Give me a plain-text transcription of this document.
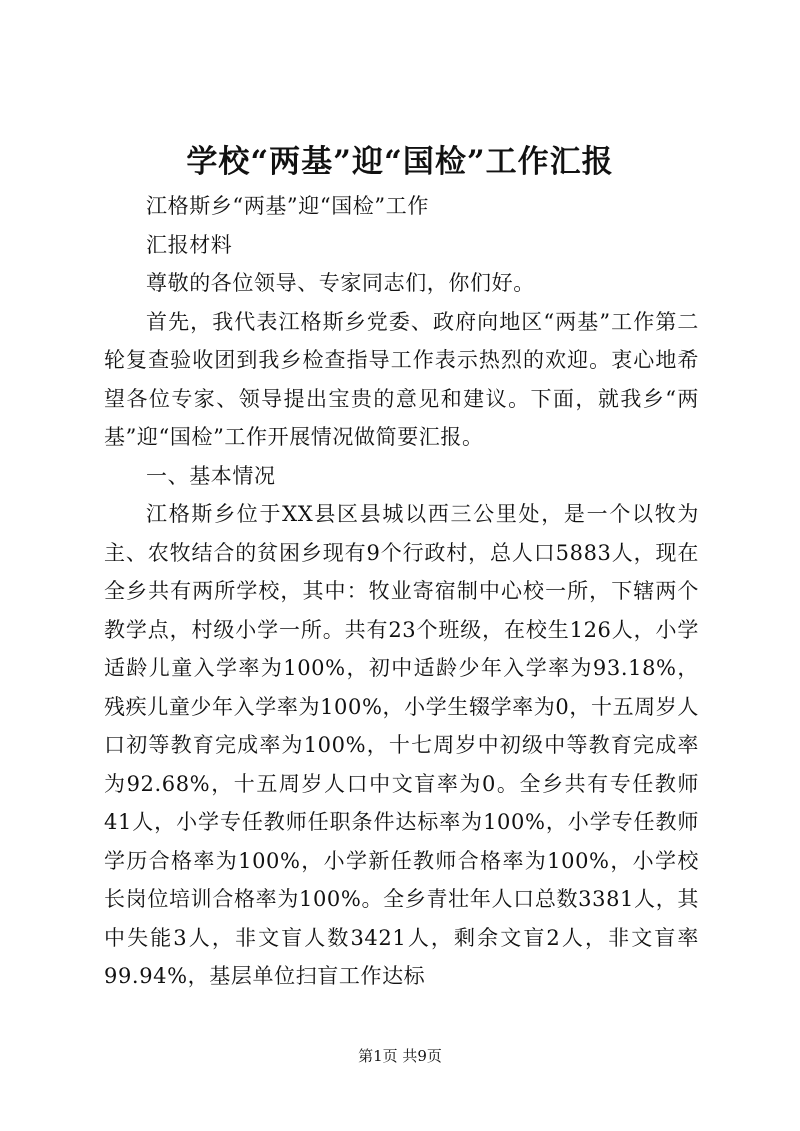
学校“两基”迎“国检”工作汇报

江格斯乡“两基”迎“国检”工作

汇报材料

尊敬的各位领导、专家同志们，你们好。

首先，我代表江格斯乡党委、政府向地区“两基”工作第二轮复查验收团到我乡检查指导工作表示热烈的欢迎。衷心地希望各位专家、领导提出宝贵的意见和建议。下面，就我乡“两基”迎“国检”工作开展情况做简要汇报。

一、基本情况

江格斯乡位于XX县区县城以西三公里处，是一个以牧为主、农牧结合的贫困乡现有9个行政村，总人口5883人，现在全乡共有两所学校，其中：牧业寄宿制中心校一所，下辖两个教学点，村级小学一所。共有23个班级，在校生126人，小学适龄儿童入学率为100%，初中适龄少年入学率为93.18%，残疾儿童少年入学率为100%，小学生辍学率为0，十五周岁人口初等教育完成率为100%，十七周岁中初级中等教育完成率为92.68%，十五周岁人口中文盲率为0。全乡共有专任教师41人，小学专任教师任职条件达标率为100%，小学专任教师学历合格率为100%，小学新任教师合格率为100%，小学校长岗位培训合格率为100%。全乡青壮年人口总数3381人，其中失能3人，非文盲人数3421人，剩余文盲2人，非文盲率99.94%，基层单位扫盲工作达标

第1页 共9页
